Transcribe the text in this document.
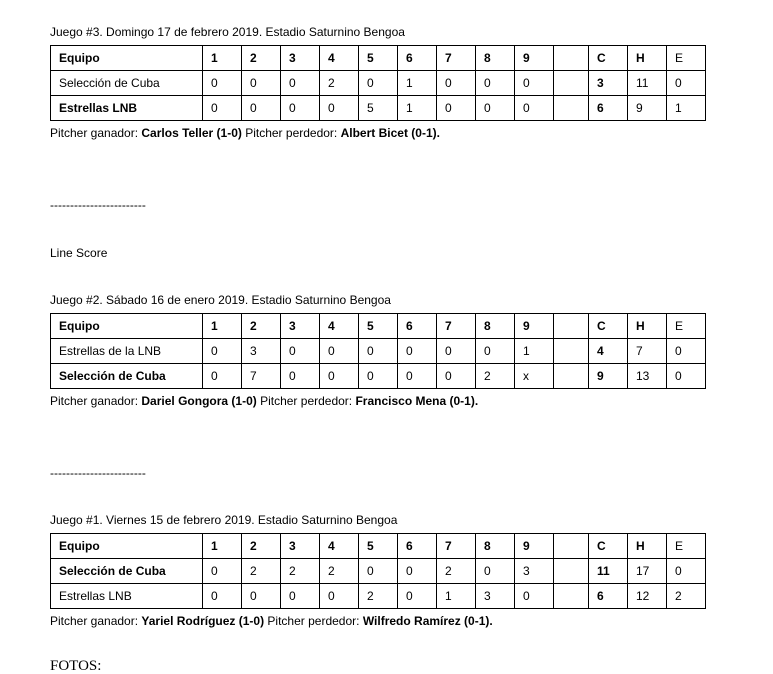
Juego #3. Domingo 17 de febrero 2019. Estadio Saturnino Bengoa
Equipo	1	2	3	4	5	6	7	8	9		C	H	E
Selección de Cuba	0	0	0	2	0	1	0	0	0		3	11	0
Estrellas LNB	0	0	0	0	5	1	0	0	0		6	9	1
Pitcher ganador: Carlos Teller (1-0) Pitcher perdedor: Albert Bicet (0-1).
------------------------
Line Score
Juego #2. Sábado 16 de enero 2019. Estadio Saturnino Bengoa
Equipo	1	2	3	4	5	6	7	8	9		C	H	E
Estrellas de la LNB	0	3	0	0	0	0	0	0	1		4	7	0
Selección de Cuba	0	7	0	0	0	0	0	2	x		9	13	0
Pitcher ganador: Dariel Gongora (1-0) Pitcher perdedor: Francisco Mena (0-1).
------------------------
Juego #1. Viernes 15 de febrero 2019. Estadio Saturnino Bengoa
Equipo	1	2	3	4	5	6	7	8	9		C	H	E
Selección de Cuba	0	2	2	2	0	0	2	0	3		11	17	0
Estrellas LNB	0	0	0	0	2	0	1	3	0		6	12	2
Pitcher ganador: Yariel Rodríguez (1-0) Pitcher perdedor: Wilfredo Ramírez (0-1).
FOTOS:
